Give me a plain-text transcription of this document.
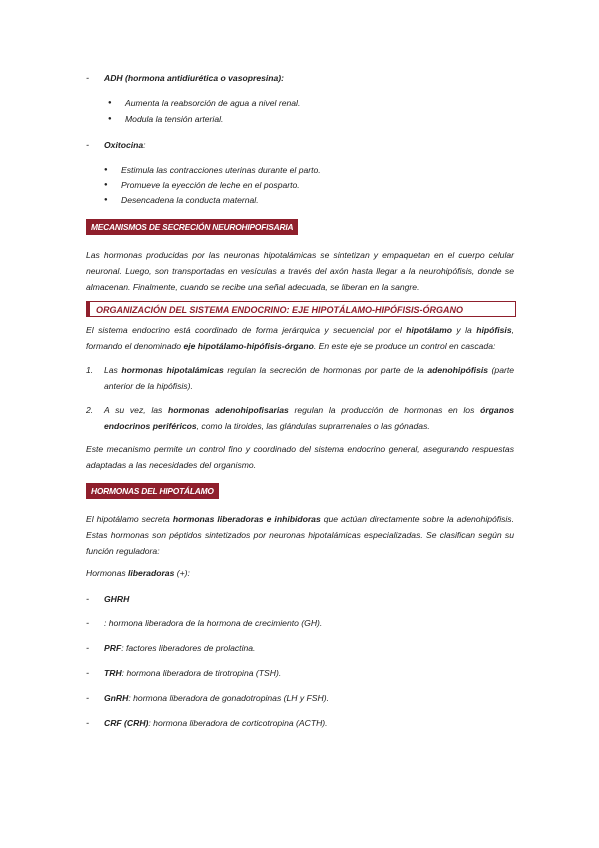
- ADH (hormona antidiurética o vasopresina):
● Aumenta la reabsorción de agua a nivel renal.
● Modula la tensión arterial.
- Oxitocina:
● Estimula las contracciones uterinas durante el parto.
● Promueve la eyección de leche en el posparto.
● Desencadena la conducta maternal.
MECANISMOS DE SECRECIÓN NEUROHIPOFISARIA
Las hormonas producidas por las neuronas hipotalámicas se sintetizan y empaquetan en el cuerpo celular neuronal. Luego, son transportadas en vesículas a través del axón hasta llegar a la neurohipófisis, donde se almacenan. Finalmente, cuando se recibe una señal adecuada, se liberan en la sangre.
ORGANIZACIÓN DEL SISTEMA ENDOCRINO: EJE HIPOTÁLAMO-HIPÓFISIS-ÓRGANO
El sistema endocrino está coordinado de forma jerárquica y secuencial por el hipotálamo y la hipófisis, formando el denominado eje hipotálamo-hipófisis-órgano. En este eje se produce un control en cascada:
1. Las hormonas hipotalámicas regulan la secreción de hormonas por parte de la adenohipófisis (parte anterior de la hipófisis).
2. A su vez, las hormonas adenohipofisarias regulan la producción de hormonas en los órganos endocrinos periféricos, como la tiroides, las glándulas suprarrenales o las gónadas.
Este mecanismo permite un control fino y coordinado del sistema endocrino general, asegurando respuestas adaptadas a las necesidades del organismo.
HORMONAS DEL HIPOTÁLAMO
El hipotálamo secreta hormonas liberadoras e inhibidoras que actúan directamente sobre la adenohipófisis. Estas hormonas son péptidos sintetizados por neuronas hipotalámicas especializadas. Se clasifican según su función reguladora:
Hormonas liberadoras (+):
- GHRH
- : hormona liberadora de la hormona de crecimiento (GH).
- PRF: factores liberadores de prolactina.
- TRH: hormona liberadora de tirotropina (TSH).
- GnRH: hormona liberadora de gonadotropinas (LH y FSH).
- CRF (CRH): hormona liberadora de corticotropina (ACTH).
